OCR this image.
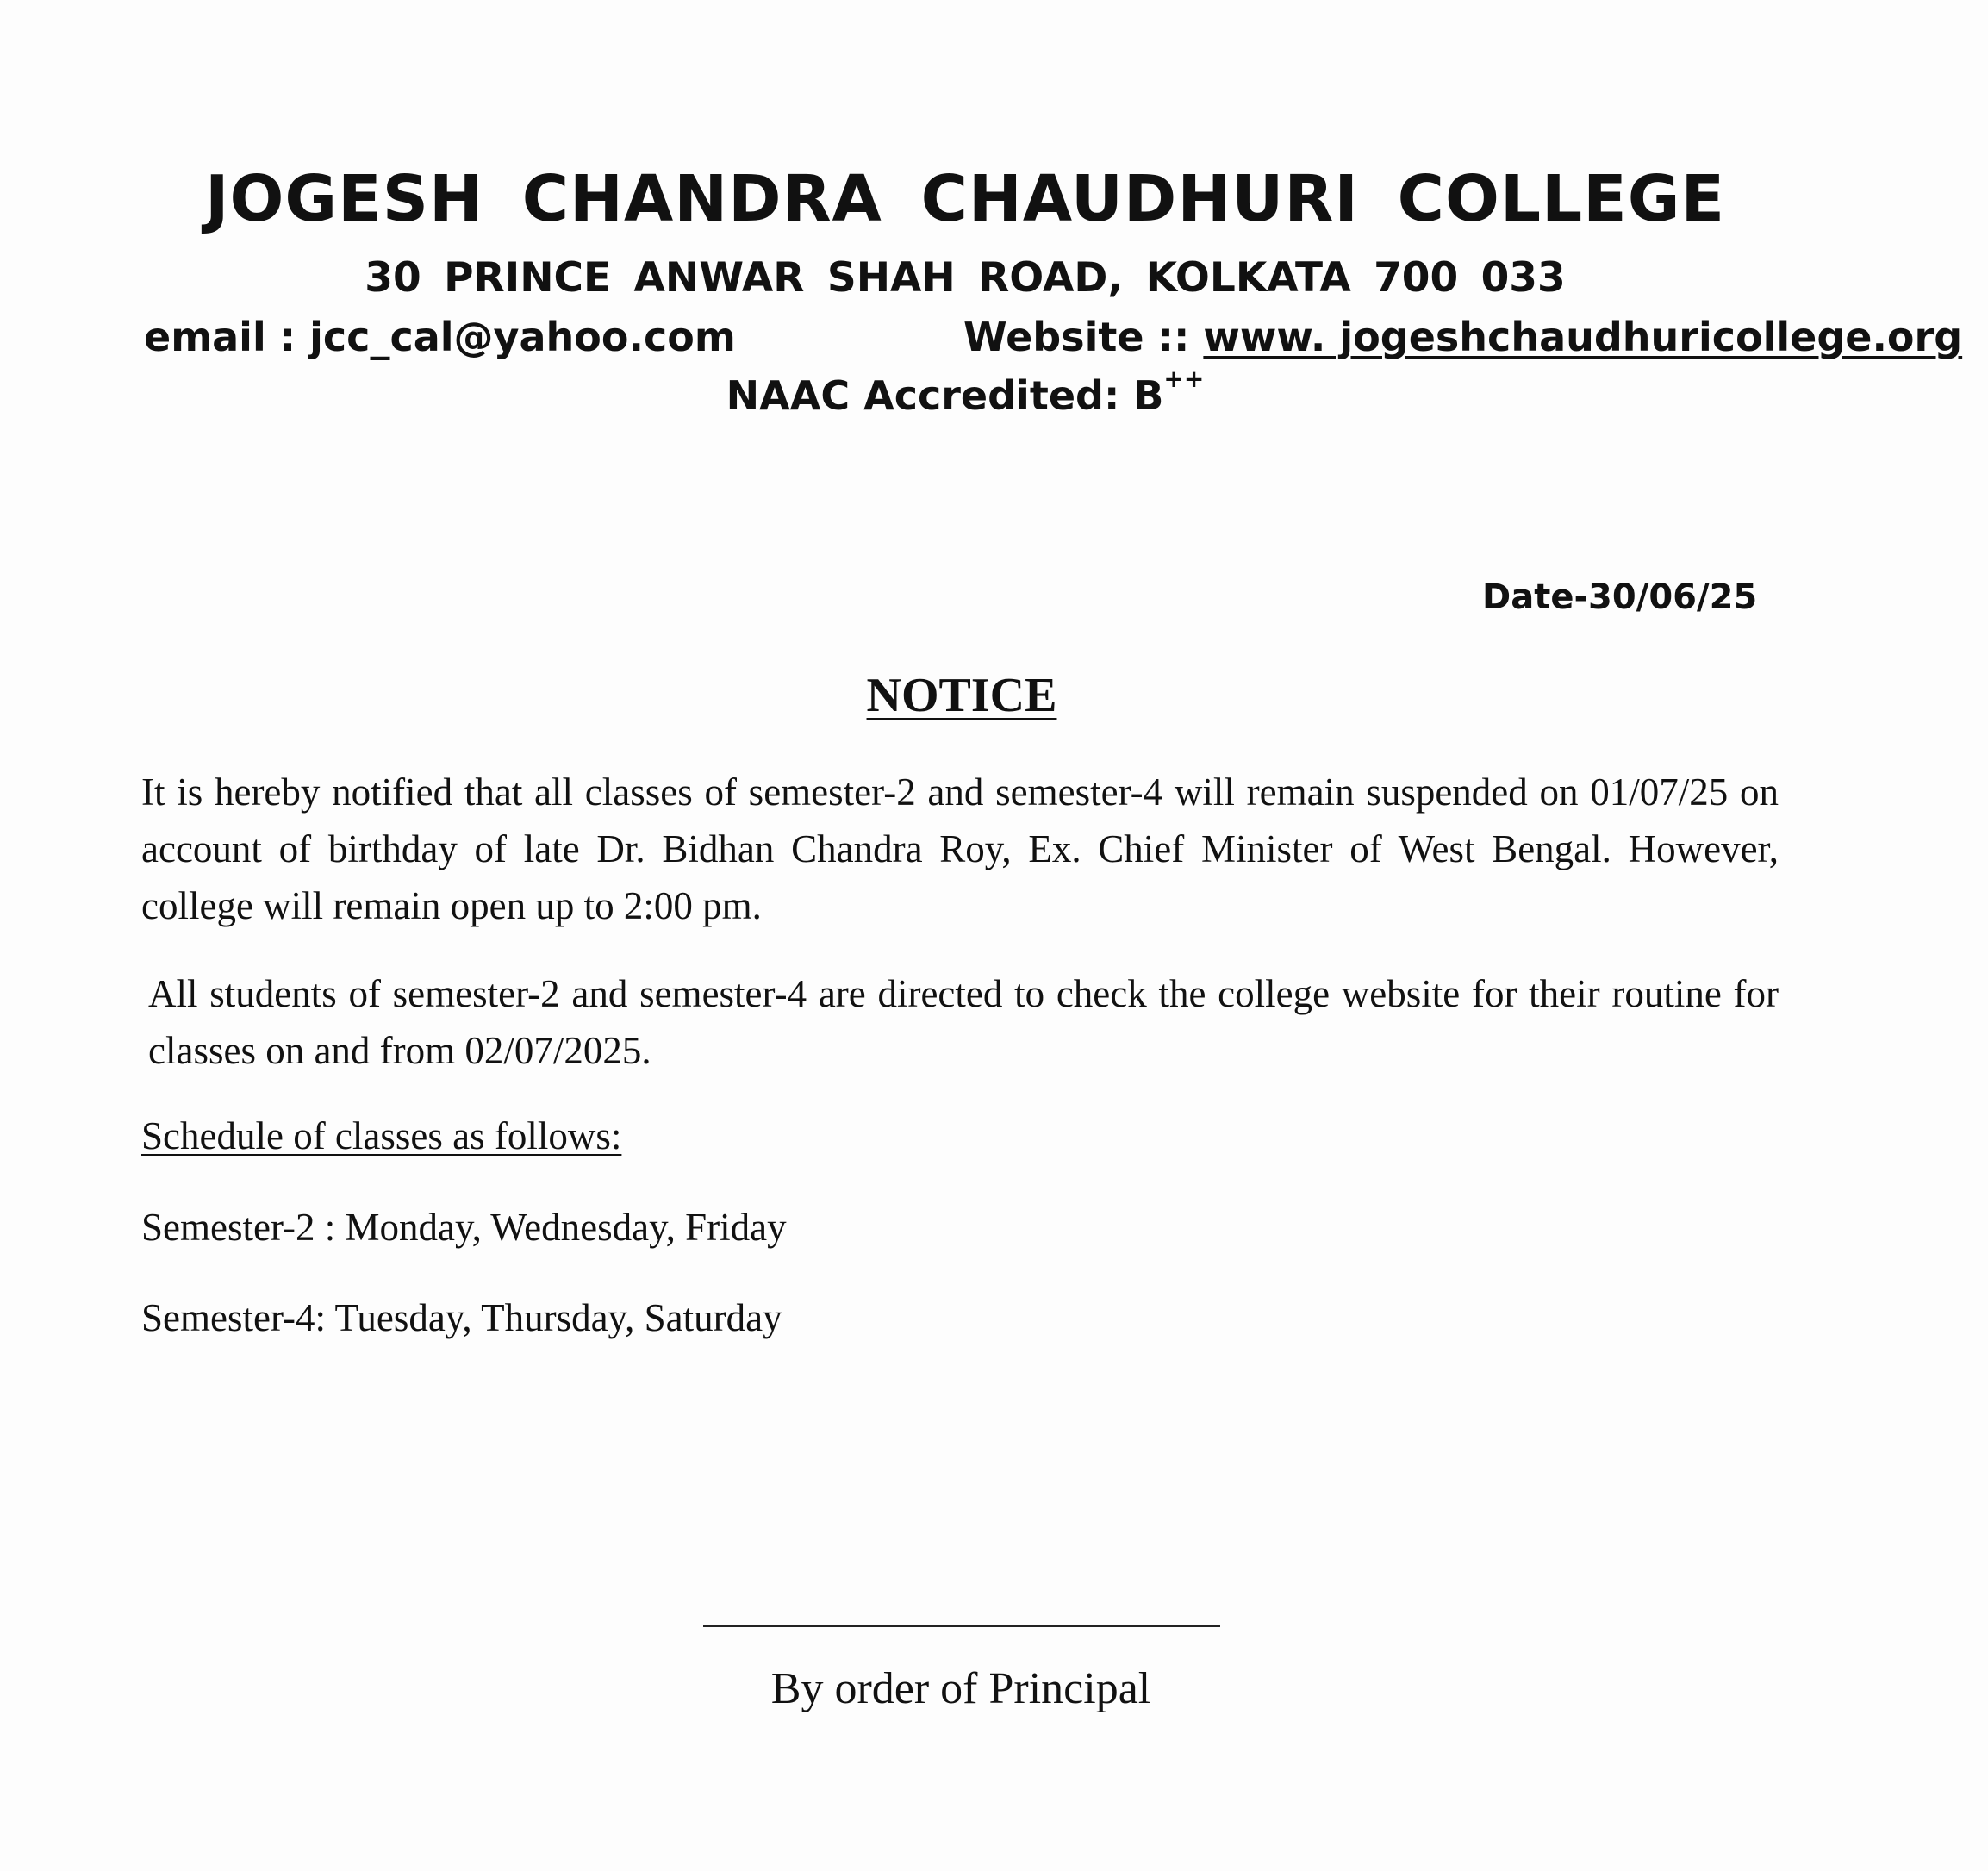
JOGESH CHANDRA CHAUDHURI COLLEGE
30 PRINCE ANWAR SHAH ROAD, KOLKATA 700 033
email : jcc_cal@yahoo.com	Website :: www. jogeshchaudhuricollege.org
NAAC Accredited: B++
Date-30/06/25
NOTICE
It is hereby notified that all classes of semester-2 and semester-4 will remain suspended on 01/07/25 on account of birthday of late Dr. Bidhan Chandra Roy, Ex. Chief Minister of West Bengal. However, college will remain open up to 2:00 pm.
All students of semester-2 and semester-4 are directed to check the college website for their routine for classes on and from 02/07/2025.
Schedule of classes as follows:
Semester-2 : Monday, Wednesday, Friday
Semester-4: Tuesday, Thursday, Saturday
By order of Principal
